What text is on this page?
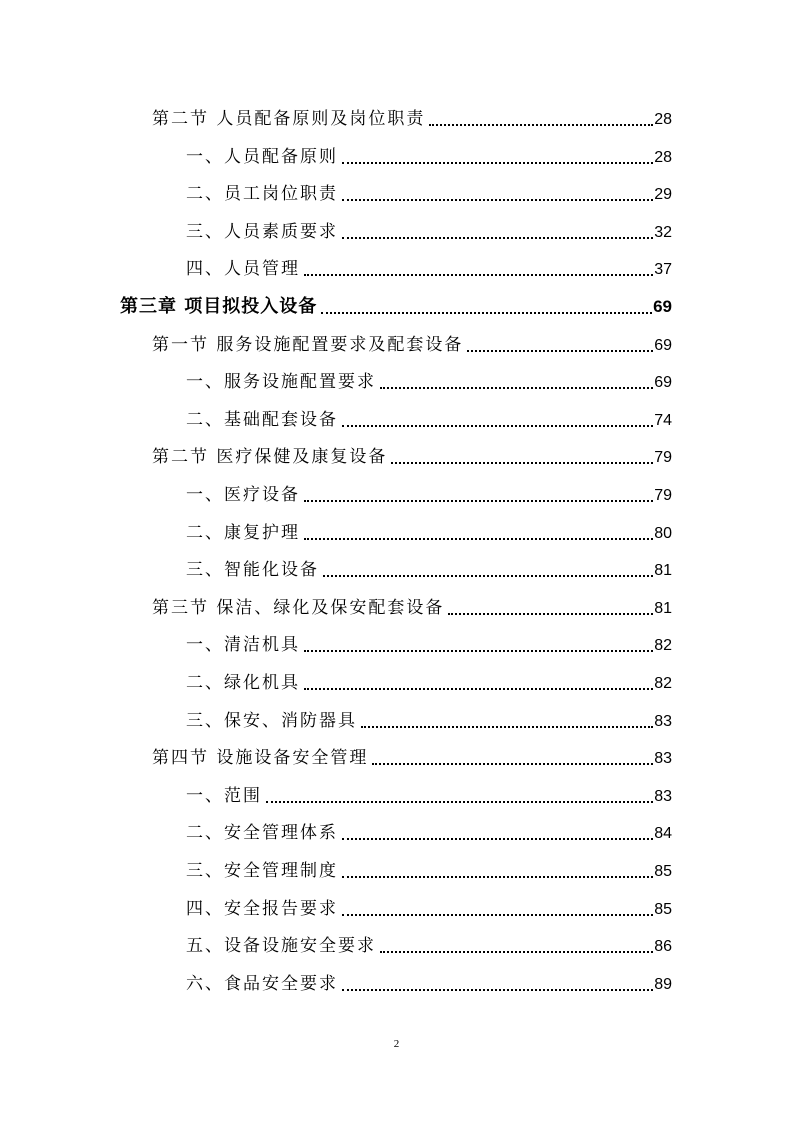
第二节 人员配备原则及岗位职责	28
一、人员配备原则	28
二、员工岗位职责	29
三、人员素质要求	32
四、人员管理	37
第三章 项目拟投入设备	69
第一节 服务设施配置要求及配套设备	69
一、服务设施配置要求	69
二、基础配套设备	74
第二节 医疗保健及康复设备	79
一、医疗设备	79
二、康复护理	80
三、智能化设备	81
第三节 保洁、绿化及保安配套设备	81
一、清洁机具	82
二、绿化机具	82
三、保安、消防器具	83
第四节 设施设备安全管理	83
一、范围	83
二、安全管理体系	84
三、安全管理制度	85
四、安全报告要求	85
五、设备设施安全要求	86
六、食品安全要求	89
2
